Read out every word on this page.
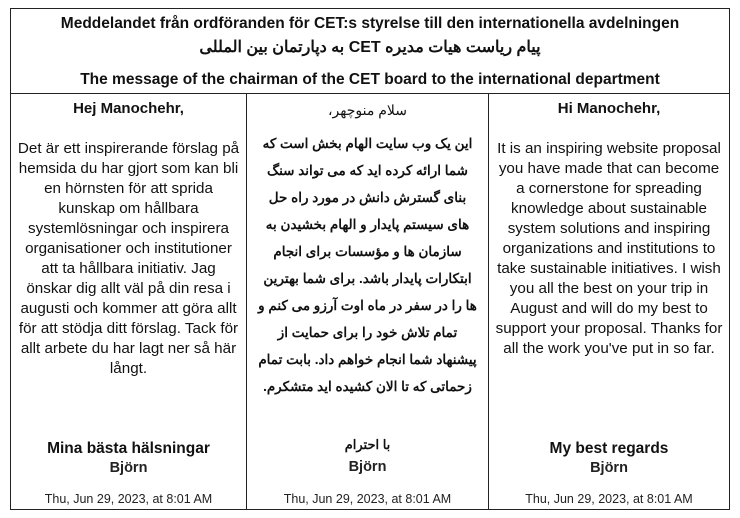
Meddelandet från ordföranden för CET:s styrelse till den internationella avdelningen
پیام ریاست هیات مدیره CET به دپارتمان بین المللی
The message of the chairman of the CET board to the international department
Hej Manochehr,
Det är ett inspirerande förslag på hemsida du har gjort som kan bli en hörnsten för att sprida kunskap om hållbara systemlösningar och inspirera organisationer och institutioner att ta hållbara initiativ. Jag önskar dig allt väl på din resa i augusti och kommer att göra allt för att stödja ditt förslag. Tack för allt arbete du har lagt ner så här långt.
Mina bästa hälsningar
Björn
Thu, Jun 29, 2023, at 8:01 AM
سلام منوچهر،
این یک وب سایت الهام بخش است که شما ارائه کرده اید که می تواند سنگ بنای گسترش دانش در مورد راه حل های سیستم پایدار و الهام بخشیدن به سازمان ها و مؤسسات برای انجام ابتکارات پایدار باشد. برای شما بهترین ها را در سفر در ماه اوت آرزو می کنم و تمام تلاش خود را برای حمایت از پیشنهاد شما انجام خواهم داد. بابت تمام زحماتی که تا الان کشیده اید متشکرم.
با احترام
Björn
Thu, Jun 29, 2023, at 8:01 AM
Hi Manochehr,
It is an inspiring website proposal you have made that can become a cornerstone for spreading knowledge about sustainable system solutions and inspiring organizations and institutions to take sustainable initiatives. I wish you all the best on your trip in August and will do my best to support your proposal. Thanks for all the work you've put in so far.
My best regards
Björn
Thu, Jun 29, 2023, at 8:01 AM
